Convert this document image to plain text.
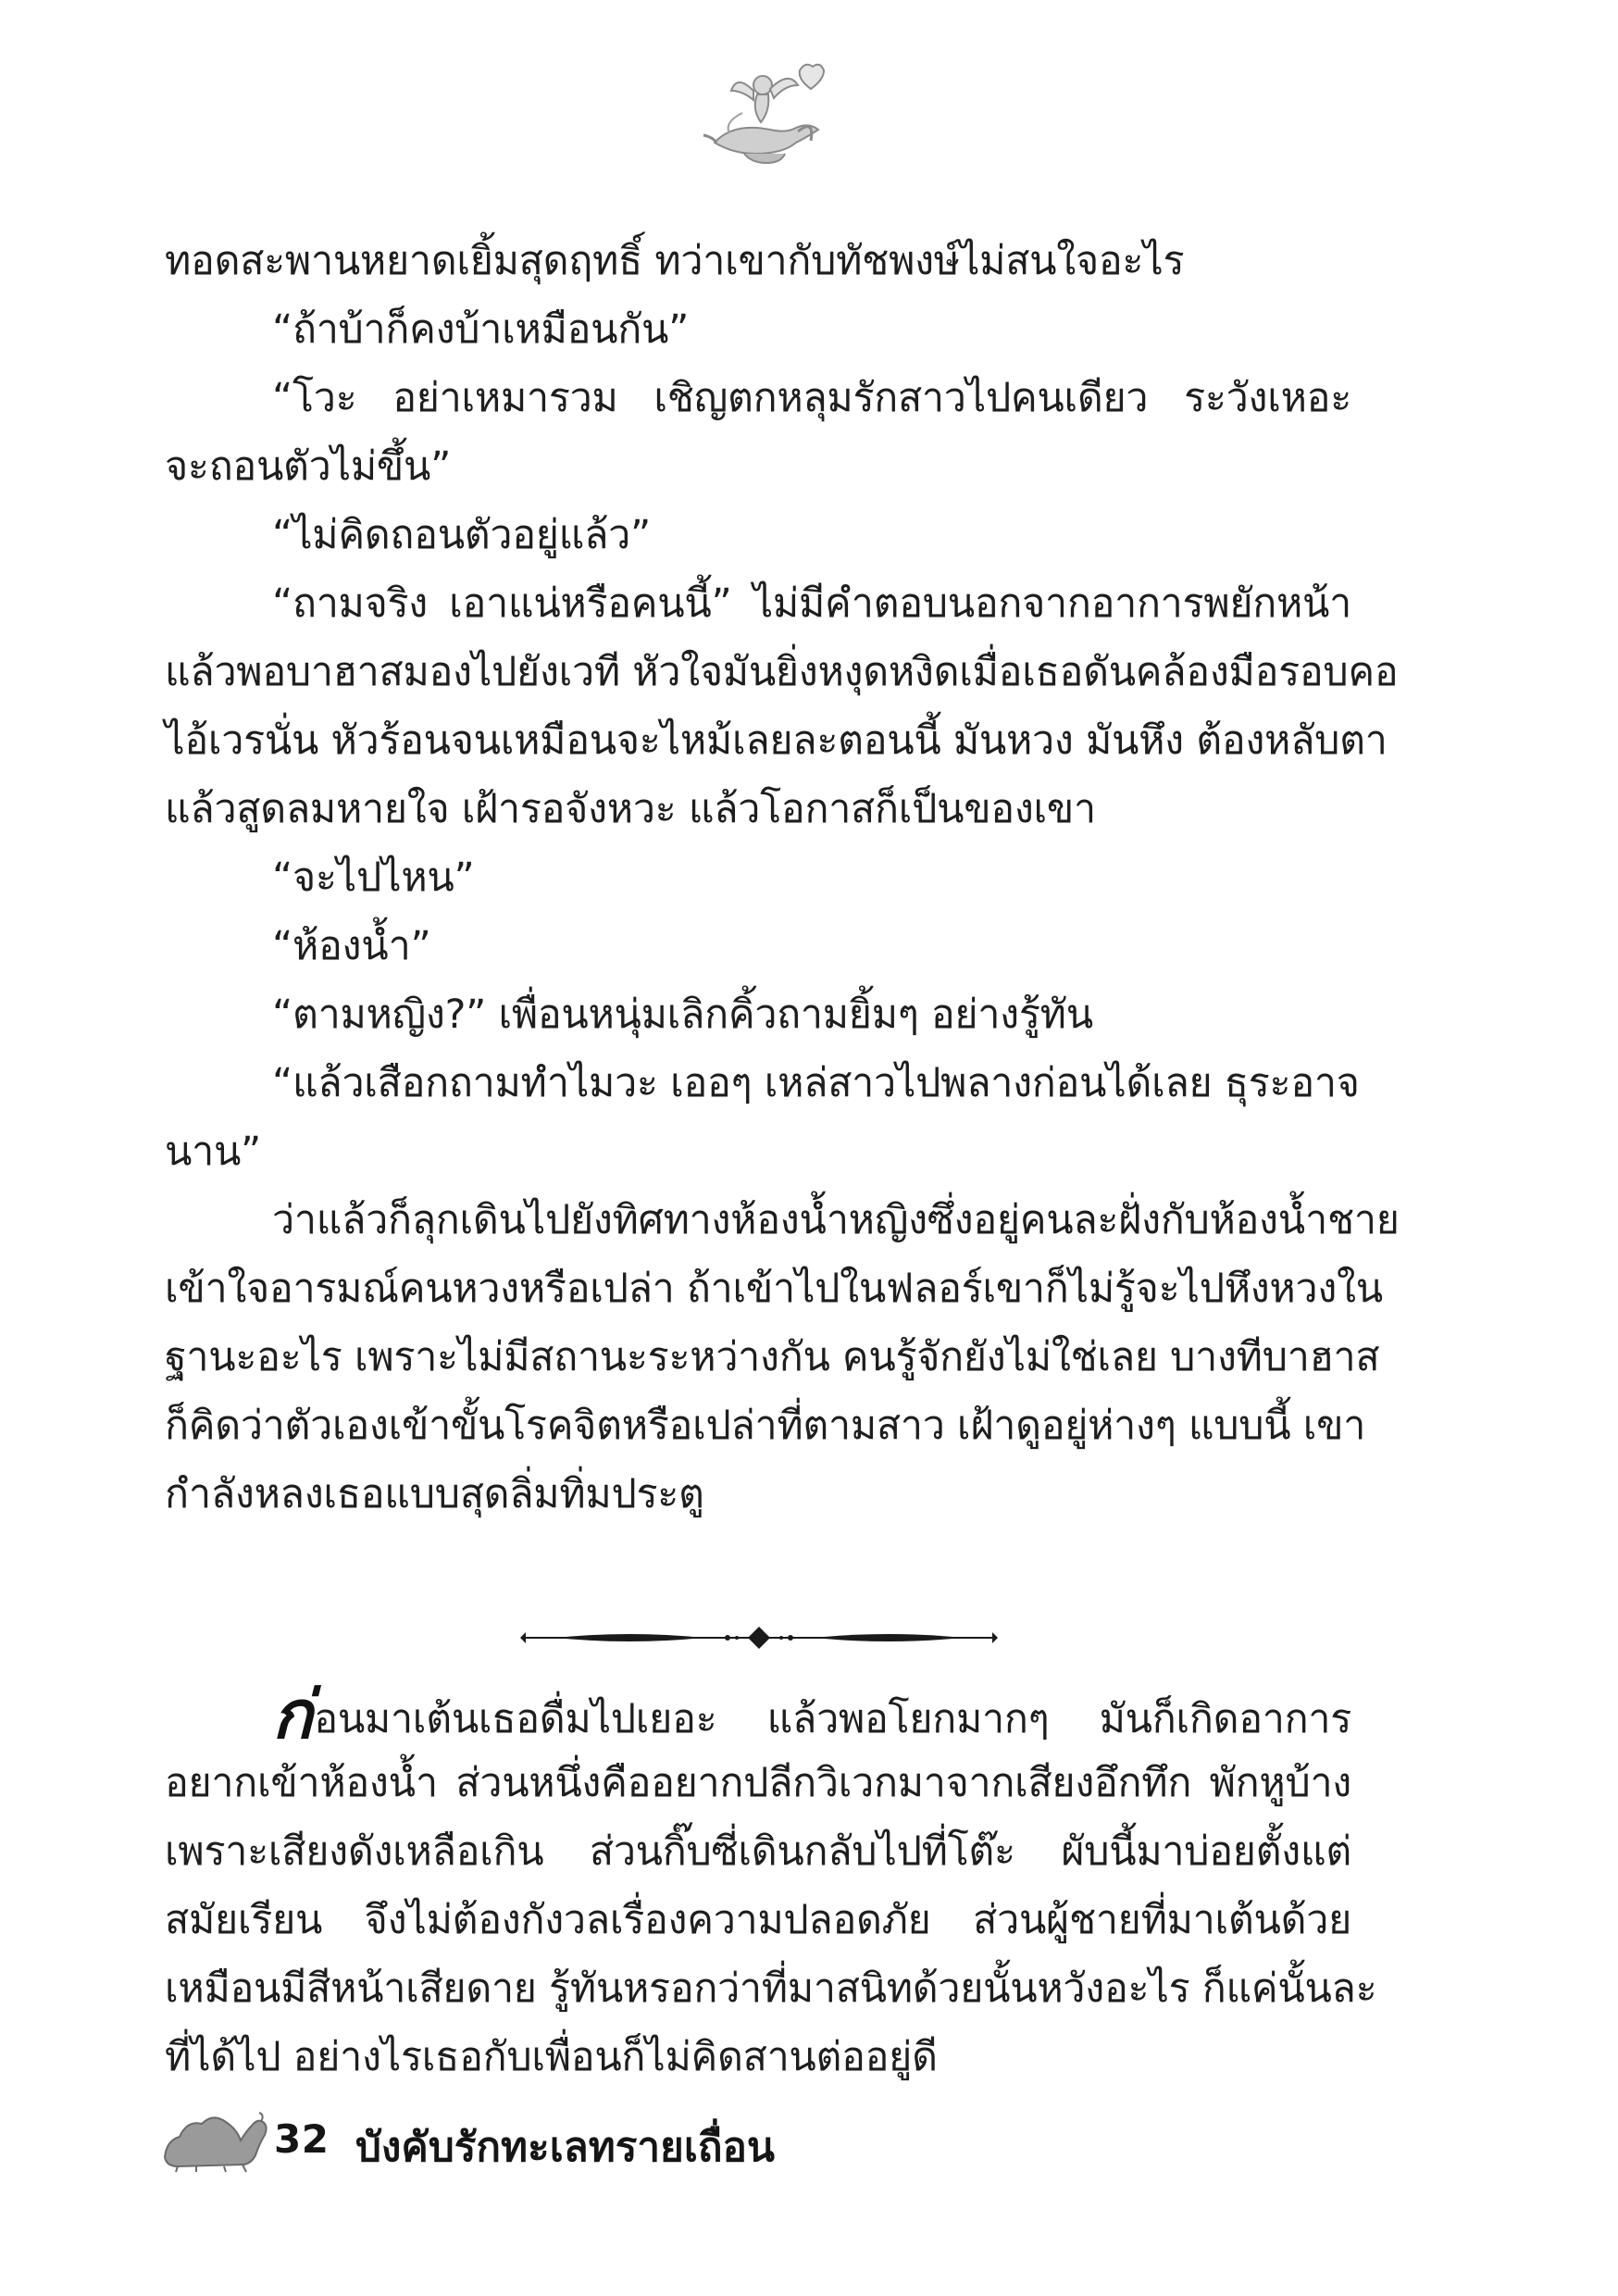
ทอดสะพานหยาดเยิ้มสุดฤทธิ์ ทว่าเขากับทัชพงษ์ไม่สนใจอะไร
“ถ้าบ้าก็คงบ้าเหมือนกัน”
“โวะ อย่าเหมารวม เชิญตกหลุมรักสาวไปคนเดียว ระวังเหอะ
จะถอนตัวไม่ขึ้น”
“ไม่คิดถอนตัวอยู่แล้ว”
“ถามจริง เอาแน่หรือคนนี้” ไม่มีคำตอบนอกจากอาการพยักหน้า
แล้วพอบาฮาสมองไปยังเวที หัวใจมันยิ่งหงุดหงิดเมื่อเธอดันคล้องมือรอบคอ
ไอ้เวรนั่น หัวร้อนจนเหมือนจะไหม้เลยละตอนนี้ มันหวง มันหึง ต้องหลับตา
แล้วสูดลมหายใจ เฝ้ารอจังหวะ แล้วโอกาสก็เป็นของเขา
“จะไปไหน”
“ห้องน้ำ”
“ตามหญิง?” เพื่อนหนุ่มเลิกคิ้วถามยิ้มๆ อย่างรู้ทัน
“แล้วเสือกถามทำไมวะ เออๆ เหล่สาวไปพลางก่อนได้เลย ธุระอาจ
นาน”
ว่าแล้วก็ลุกเดินไปยังทิศทางห้องน้ำหญิงซึ่งอยู่คนละฝั่งกับห้องน้ำชาย
เข้าใจอารมณ์คนหวงหรือเปล่า ถ้าเข้าไปในฟลอร์เขาก็ไม่รู้จะไปหึงหวงใน
ฐานะอะไร เพราะไม่มีสถานะระหว่างกัน คนรู้จักยังไม่ใช่เลย บางทีบาฮาส
ก็คิดว่าตัวเองเข้าขั้นโรคจิตหรือเปล่าที่ตามสาว เฝ้าดูอยู่ห่างๆ แบบนี้ เขา
กำลังหลงเธอแบบสุดลิ่มทิ่มประตู
ก่อนมาเต้นเธอดื่มไปเยอะ แล้วพอโยกมากๆ มันก็เกิดอาการ
อยากเข้าห้องน้ำ ส่วนหนึ่งคืออยากปลีกวิเวกมาจากเสียงอึกทึก พักหูบ้าง
เพราะเสียงดังเหลือเกิน ส่วนกิ๊บซี่เดินกลับไปที่โต๊ะ ผับนี้มาบ่อยตั้งแต่
สมัยเรียน จึงไม่ต้องกังวลเรื่องความปลอดภัย ส่วนผู้ชายที่มาเต้นด้วย
เหมือนมีสีหน้าเสียดาย รู้ทันหรอกว่าที่มาสนิทด้วยนั้นหวังอะไร ก็แค่นั้นละ
ที่ได้ไป อย่างไรเธอกับเพื่อนก็ไม่คิดสานต่ออยู่ดี
32 บังคับรักทะเลทรายเถื่อน
